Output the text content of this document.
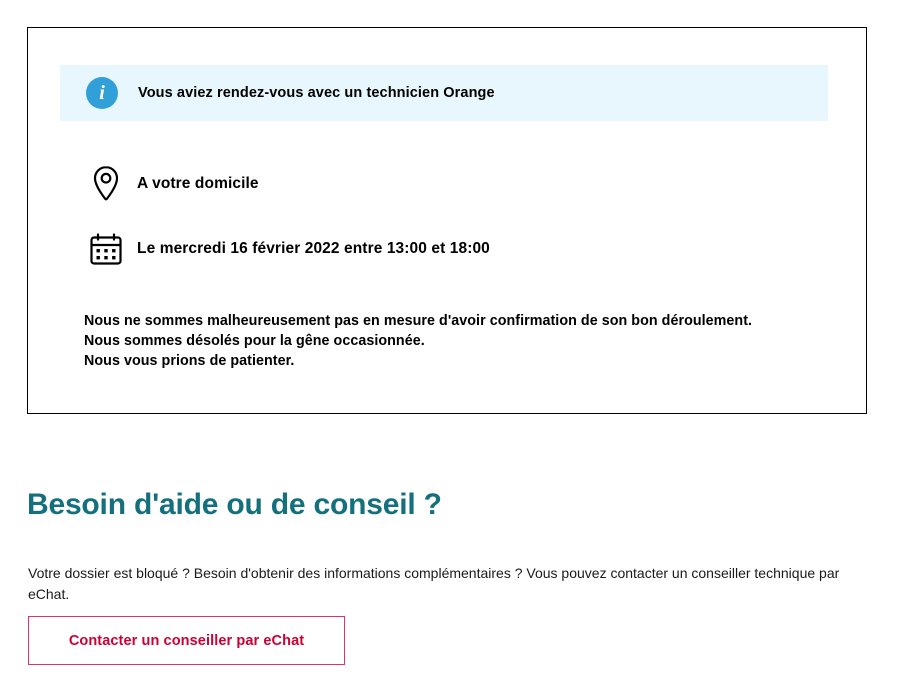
i	Vous aviez rendez-vous avec un technicien Orange
A votre domicile
Le mercredi 16 février 2022 entre 13:00 et 18:00
Nous ne sommes malheureusement pas en mesure d'avoir confirmation de son bon déroulement.
Nous sommes désolés pour la gêne occasionnée.
Nous vous prions de patienter.
Besoin d'aide ou de conseil ?

Votre dossier est bloqué ? Besoin d'obtenir des informations complémentaires ? Vous pouvez contacter un conseiller technique par eChat.

Contacter un conseiller par eChat
